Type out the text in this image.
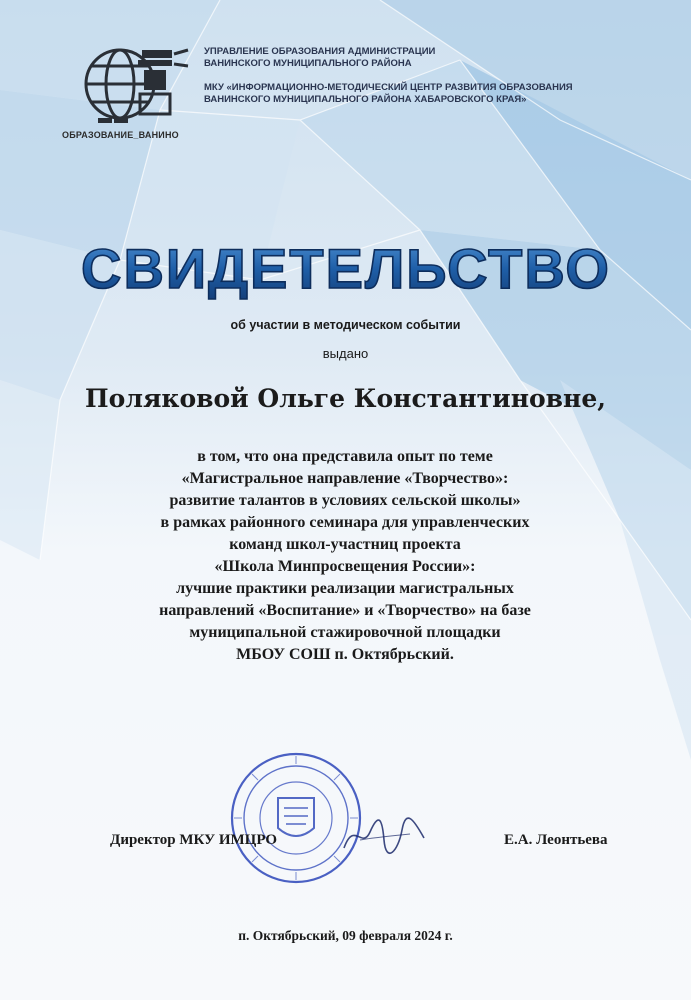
ОБРАЗОВАНИЕ_ВАНИНО
УПРАВЛЕНИЕ ОБРАЗОВАНИЯ АДМИНИСТРАЦИИ
ВАНИНСКОГО МУНИЦИПАЛЬНОГО РАЙОНА
МКУ «ИНФОРМАЦИОННО-МЕТОДИЧЕСКИЙ ЦЕНТР РАЗВИТИЯ ОБРАЗОВАНИЯ
ВАНИНСКОГО МУНИЦИПАЛЬНОГО РАЙОНА ХАБАРОВСКОГО КРАЯ»
СВИДЕТЕЛЬСТВО
об участии в методическом событии
выдано
Поляковой Ольге Константиновне,
в том, что она представила опыт по теме
«Магистральное направление «Творчество»:
развитие талантов в условиях сельской школы»
в рамках районного семинара для управленческих
команд школ-участниц проекта
«Школа Минпросвещения России»:
лучшие практики реализации магистральных
направлений «Воспитание» и «Творчество» на базе
муниципальной стажировочной площадки
МБОУ СОШ п. Октябрьский.
Директор МКУ ИМЦРО	Е.А. Леонтьева
п. Октябрьский, 09 февраля 2024 г.
